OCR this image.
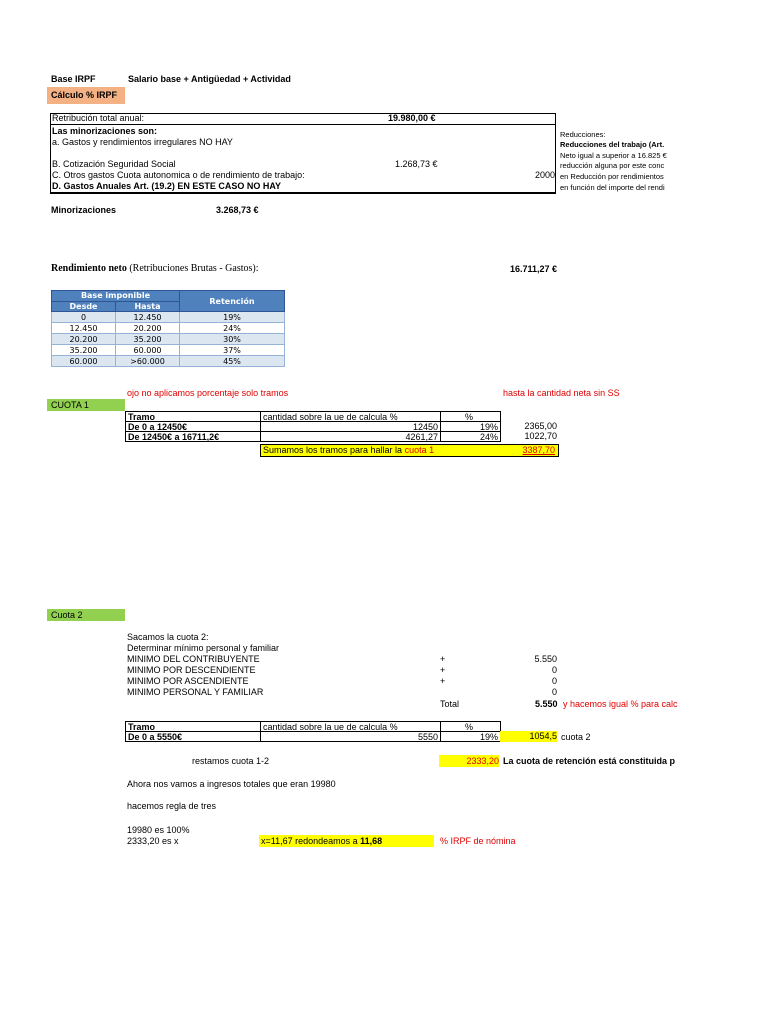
Base IRPF	Salario base + Antigüedad + Actividad
Cálculo % IRPF
Retribución total anual:	19.980,00 €
Las minorizaciones son:
a. Gastos y rendimientos irregulares NO HAY
B. Cotización Seguridad Social	1.268,73 €
C. Otros gastos Cuota autonomica o de rendimiento de trabajo:	2000
D. Gastos Anuales Art. (19.2) EN ESTE CASO NO HAY
Reducciones:
Reducciones del trabajo (Art.
Neto igual a superior a 16.825 €
reducción alguna por este conc
en Reducción por rendimientos
en función del importe del rendi
Minorizaciones	3.268,73 €
Rendimiento neto (Retribuciones Brutas - Gastos):	16.711,27 €
Base imponible		Retención
Desde	Hasta	
0	12.450	19%
12.450	20.200	24%
20.200	35.200	30%
35.200	60.000	37%
60.000	>60.000	45%
ojo no aplicamos porcentaje solo tramos	hasta la cantidad neta sin SS
CUOTA 1
Tramo	cantidad sobre la ue de calcula %	%
De 0 a 12450€	12450	19%	2365,00
De 12450€ a 16711,2€	4261,27	24%	1022,70
Sumamos los tramos para hallar la cuota 1	3387,70
Cuota 2
Sacamos la cuota 2:
Determinar mínimo personal y familiar
MINIMO DEL CONTRIBUYENTE	+	5.550
MINIMO POR DESCENDIENTE	+	0
MINIMO POR ASCENDIENTE	+	0
MINIMO PERSONAL Y FAMILIAR	0
Total	5.550 y hacemos igual % para calc
Tramo	cantidad sobre la ue de calcula %	%
De 0 a 5550€	5550	19%	1054,5 cuota 2
restamos cuota 1-2	2333,20 La cuota de retención está constituida p
Ahora nos vamos a ingresos totales que eran 19980
hacemos regla de tres
19980 es 100%
2333,20 es x	x=11,67 redondeamos a 11,68	% IRPF de nómina
